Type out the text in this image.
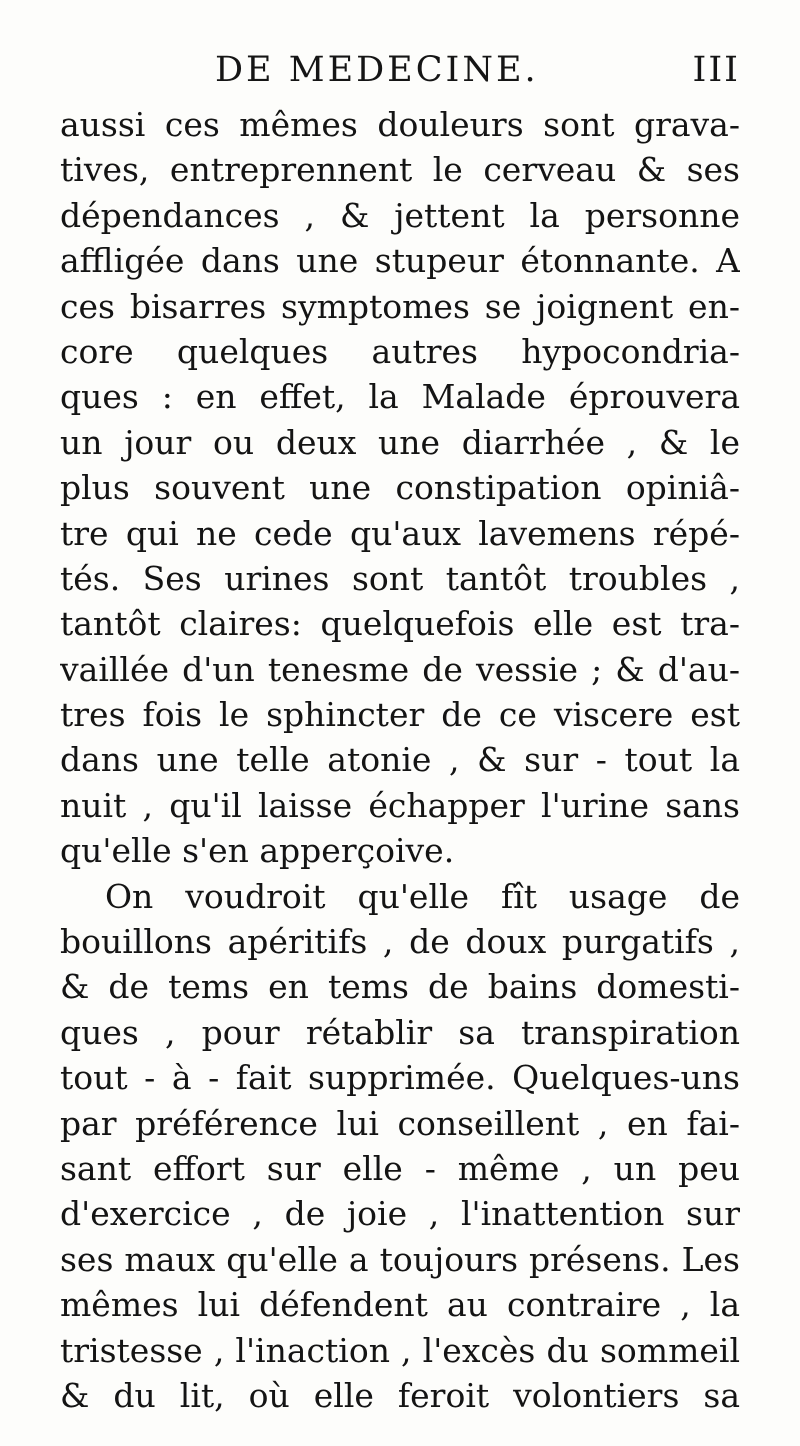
DE MEDECINE.	III
aussi ces mêmes douleurs sont grava-
tives, entreprennent le cerveau & ses
dépendances , & jettent la personne
affligée dans une stupeur étonnante. A
ces bisarres symptomes se joignent en-
core quelques autres hypocondria-
ques : en effet, la Malade éprouvera
un jour ou deux une diarrhée , & le
plus souvent une constipation opiniâ-
tre qui ne cede qu'aux lavemens répé-
tés. Ses urines sont tantôt troubles ,
tantôt claires: quelquefois elle est tra-
vaillée d'un tenesme de vessie ; & d'au-
tres fois le sphincter de ce viscere est
dans une telle atonie , & sur - tout la
nuit , qu'il laisse échapper l'urine sans
qu'elle s'en apperçoive.
On voudroit qu'elle fît usage de
bouillons apéritifs , de doux purgatifs ,
& de tems en tems de bains domesti-
ques , pour rétablir sa transpiration
tout - à - fait supprimée. Quelques-uns
par préférence lui conseillent , en fai-
sant effort sur elle - même , un peu
d'exercice , de joie , l'inattention sur
ses maux qu'elle a toujours présens. Les
mêmes lui défendent au contraire , la
tristesse , l'inaction , l'excès du sommeil
& du lit, où elle feroit volontiers sa
